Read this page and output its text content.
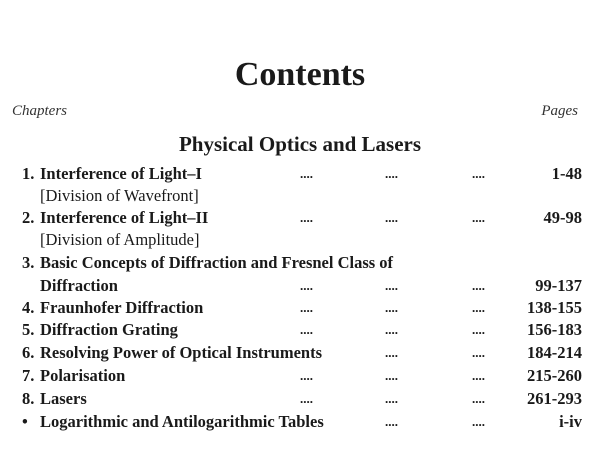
Contents
Chapters	Pages
Physical Optics and Lasers
1. Interference of Light–I	....	....	....	1-48
[Division of Wavefront]
2. Interference of Light–II	....	....	....	49-98
[Division of Amplitude]
3. Basic Concepts of Diffraction and Fresnel Class of
Diffraction	....	....	....	99-137
4. Fraunhofer Diffraction	....	....	....	138-155
5. Diffraction Grating	....	....	....	156-183
6. Resolving Power of Optical Instruments	....	....	184-214
7. Polarisation	....	....	....	215-260
8. Lasers	....	....	....	261-293
• Logarithmic and Antilogarithmic Tables	....	....	i-iv
